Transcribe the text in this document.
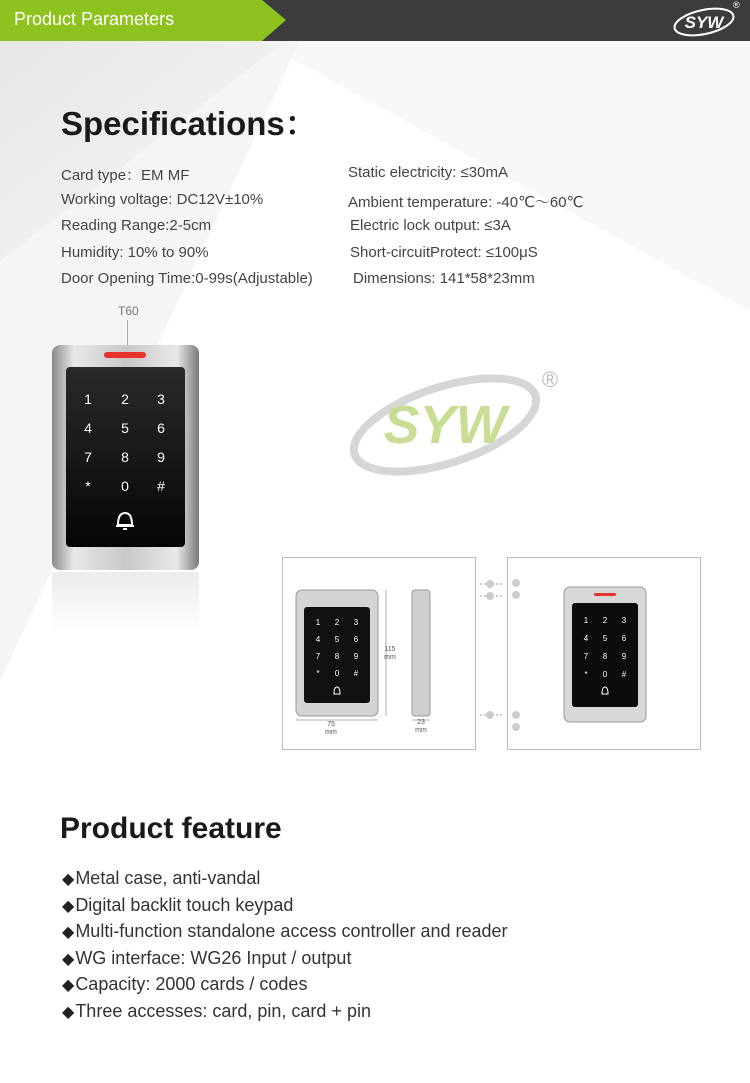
Product Parameters	SYW
®
Specifications：
Card type：EM MF
Working voltage: DC12V±10%
Reading Range:2-5cm
Humidity: 10% to 90%
Door Opening Time:0-99s(Adjustable)
Static electricity: ≤30mA
Ambient temperature: -40℃～60℃
Electric lock output: ≤3A
Short-circuitProtect: ≤100μS
Dimensions: 141*58*23mm
T60
1 2 3
4 5 6
7 8 9
* 0 #
SYW
®
1 2 3
4 5 6
7 8 9
* 0 #
115
mm
75
mm
23
mm
1 2 3
4 5 6
7 8 9
* 0 #
Product feature
◆Metal case, anti-vandal
◆Digital backlit touch keypad
◆Multi-function standalone access controller and reader
◆WG interface: WG26 Input / output
◆Capacity: 2000 cards / codes
◆Three accesses: card, pin, card + pin
